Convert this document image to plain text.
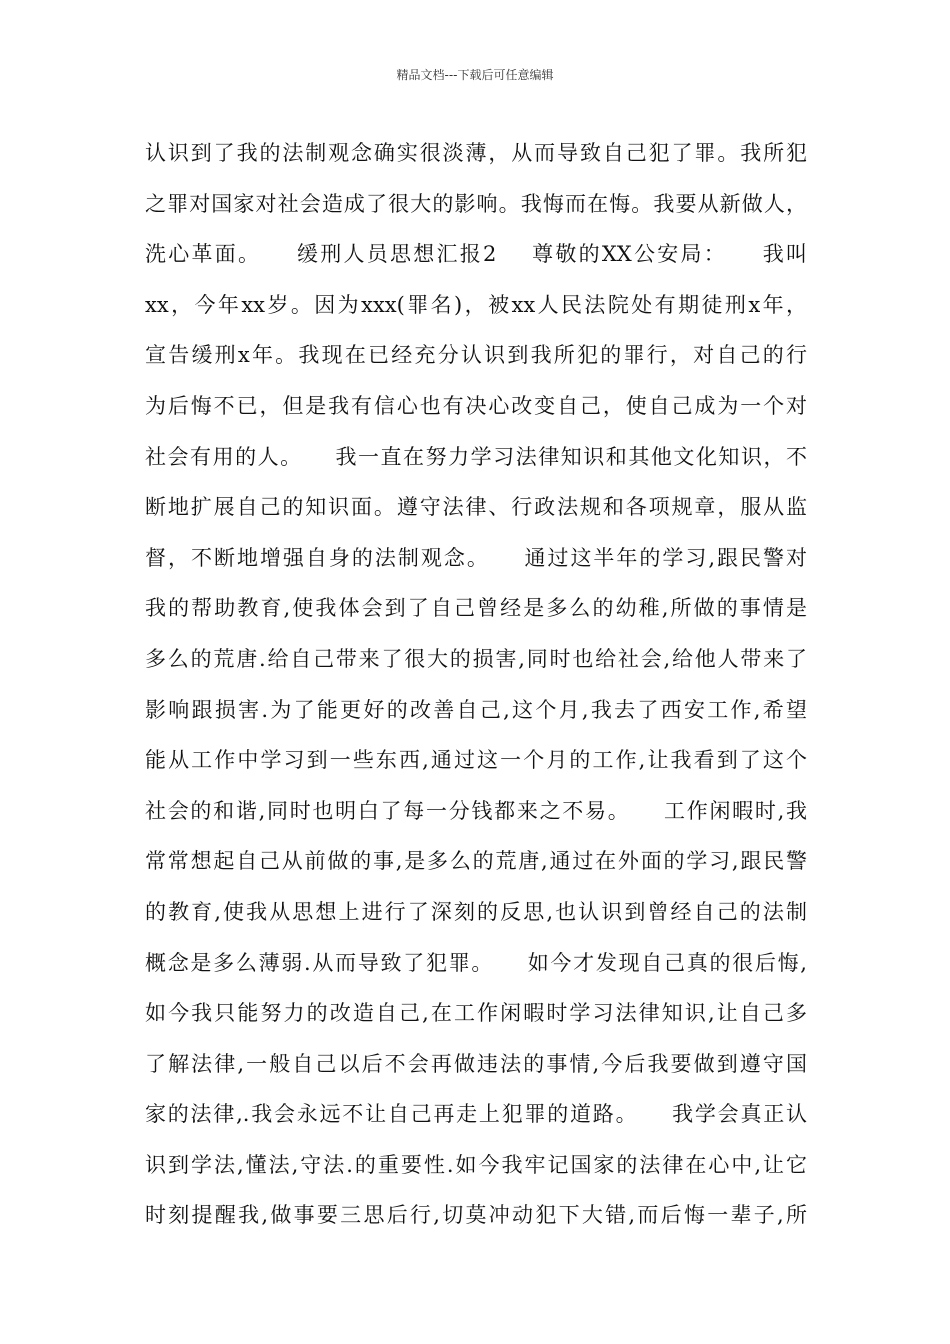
精品文档---下载后可任意编辑
认识到了我的法制观念确实很淡薄，从而导致自己犯了罪。我所犯
之罪对国家对社会造成了很大的影响。我悔而在悔。我要从新做人，
洗心革面。    缓刑人员思想汇报2    尊敬的XX公安局：    我叫
xx，今年xx岁。因为xxx(罪名)，被xx人民法院处有期徒刑x年，
宣告缓刑x年。我现在已经充分认识到我所犯的罪行，对自己的行
为后悔不已，但是我有信心也有决心改变自己，使自己成为一个对
社会有用的人。    我一直在努力学习法律知识和其他文化知识，不
断地扩展自己的知识面。遵守法律、行政法规和各项规章，服从监
督，不断地增强自身的法制观念。    通过这半年的学习,跟民警对
我的帮助教育,使我体会到了自己曾经是多么的幼稚,所做的事情是
多么的荒唐.给自己带来了很大的损害,同时也给社会,给他人带来了
影响跟损害.为了能更好的改善自己,这个月,我去了西安工作,希望
能从工作中学习到一些东西,通过这一个月的工作,让我看到了这个
社会的和谐,同时也明白了每一分钱都来之不易。    工作闲暇时,我
常常想起自己从前做的事,是多么的荒唐,通过在外面的学习,跟民警
的教育,使我从思想上进行了深刻的反思,也认识到曾经自己的法制
概念是多么薄弱.从而导致了犯罪。    如今才发现自己真的很后悔,
如今我只能努力的改造自己,在工作闲暇时学习法律知识,让自己多
了解法律,一般自己以后不会再做违法的事情,今后我要做到遵守国
家的法律,.我会永远不让自己再走上犯罪的道路。    我学会真正认
识到学法,懂法,守法.的重要性.如今我牢记国家的法律在心中,让它
时刻提醒我,做事要三思后行,切莫冲动犯下大错,而后悔一辈子,所
